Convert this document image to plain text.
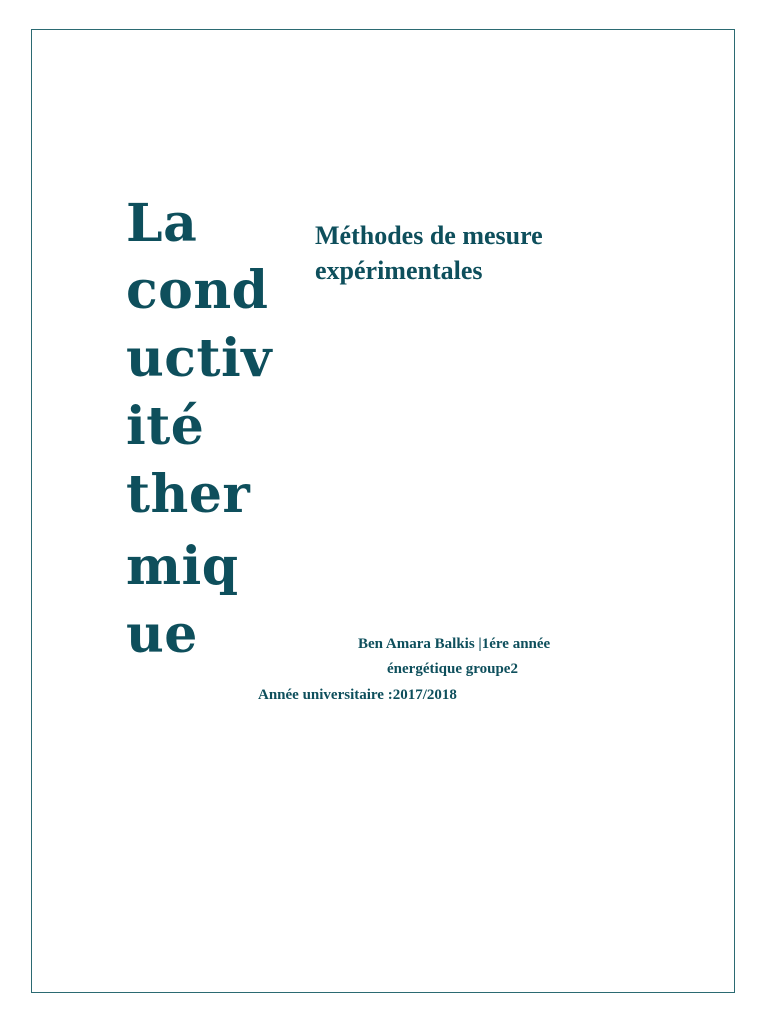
La
cond
uctiv
ité
ther
miq
ue
Méthodes de mesure
expérimentales
Ben Amara Balkis |1ére année
énergétique groupe2
Année universitaire :2017/2018
